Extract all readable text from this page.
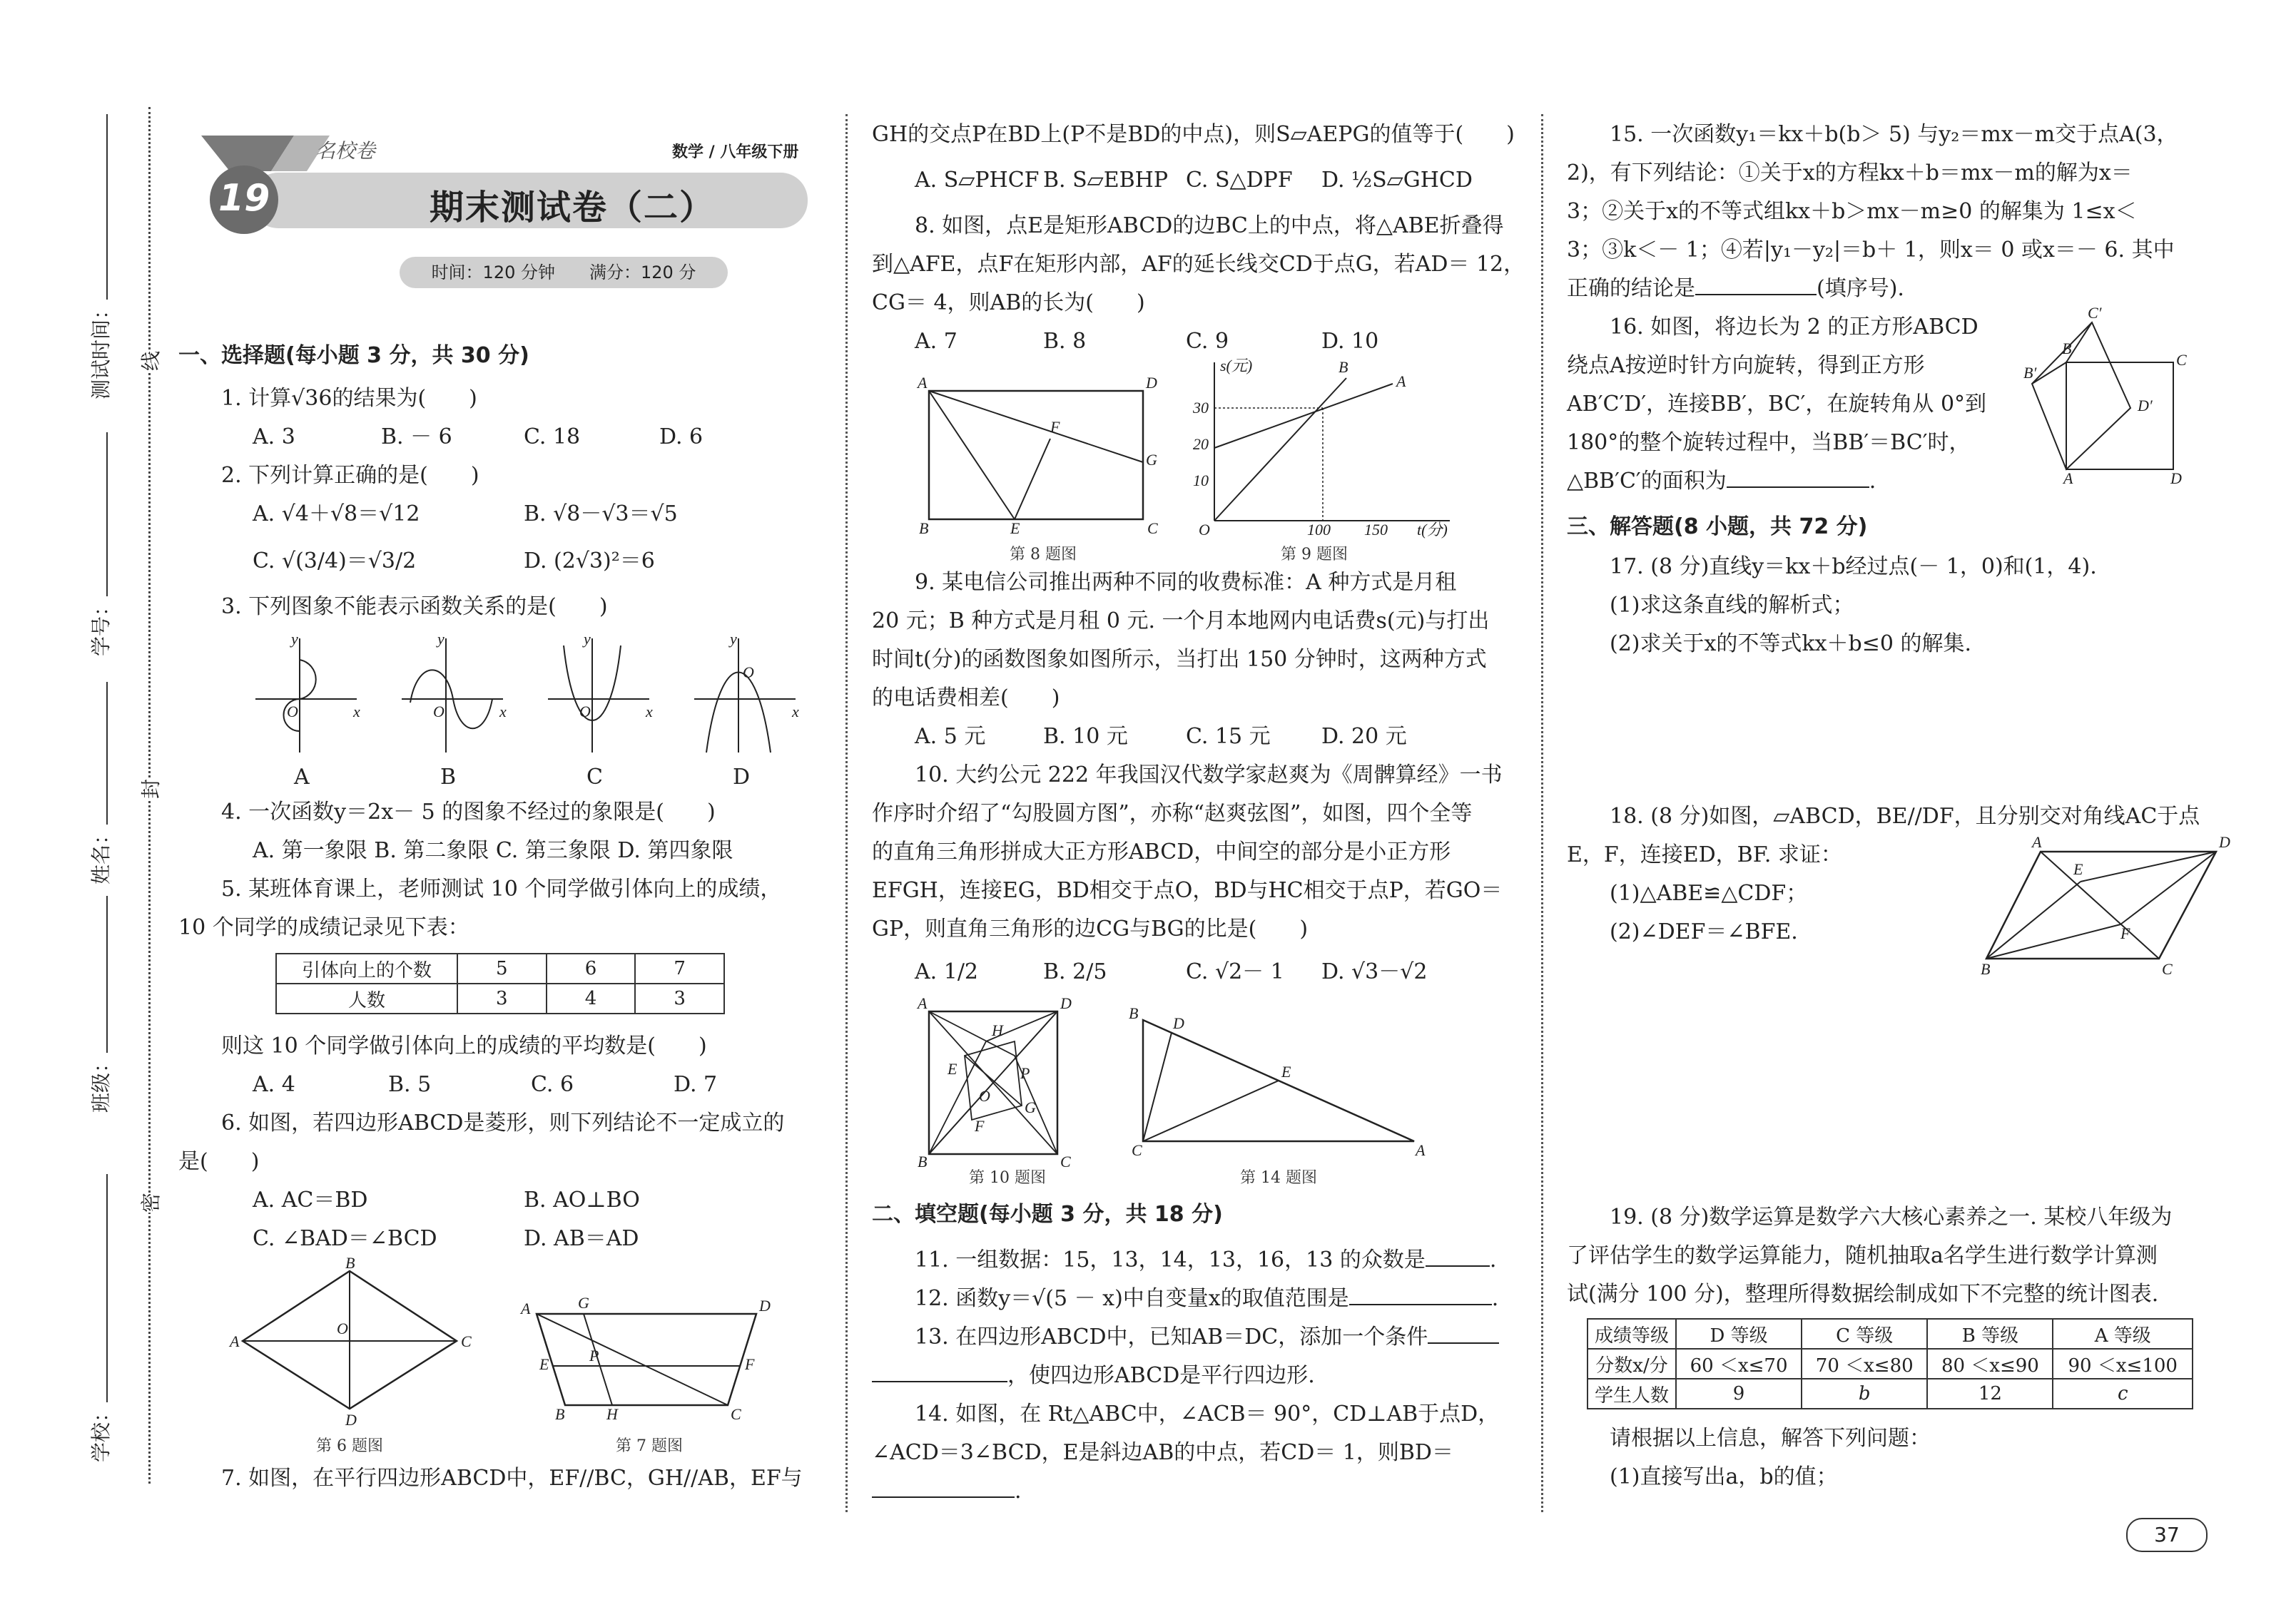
测试时间：
学号：
姓名：
班级：
学校：
线
封
密
19
名校卷	数学 / 八年级下册
期末测试卷（二）
时间：120 分钟　　满分：120 分
一、选择题(每小题 3 分，共 30 分)
1. 计算√36的结果为(　　)
A. 3	B. － 6	C. 18	D. 6
2. 下列计算正确的是(　　)
A. √4＋√8＝√12	B. √8－√3＝√5
C. √(3/4)＝√3/2	D. (2√3)²＝6
3. 下列图象不能表示函数关系的是(　　)
y
x
O
y
x
O
y
x
O
y
x
O
A	B	C	D
4. 一次函数y＝2x－ 5 的图象不经过的象限是(　　)
A. 第一象限 B. 第二象限 C. 第三象限 D. 第四象限
5. 某班体育课上，老师测试 10 个同学做引体向上的成绩，
10 个同学的成绩记录见下表：
引体向上的个数	5	6	7
人数	3	4	3
则这 10 个同学做引体向上的成绩的平均数是(　　)
A. 4	B. 5	C. 6	D. 7
6. 如图，若四边形ABCD是菱形，则下列结论不一定成立的
是(　　)
A. AC＝BD	B. AO⊥BO
C. ∠BAD＝∠BCD	D. AB＝AD
A
B
C
D
O
第 6 题图
A	G	D
E	P	F
B	H	C
第 7 题图
7. 如图，在平行四边形ABCD中，EF//BC，GH//AB，EF与
GH的交点P在BD上(P不是BD的中点)，则S▱AEPG的值等于(　　)
A. S▱PHCF B. S▱EBHP C. S△DPF D. ½S▱GHCD
8. 如图，点E是矩形ABCD的边BC上的中点，将△ABE折叠得
到△AFE，点F在矩形内部，AF的延长线交CD于点G，若AD＝ 12，
CG＝ 4，则AB的长为(　　)
A. 7	B. 8	C. 9	D. 10
A	D
G
F
B	E	C
第 8 题图
O
s(元)
t(分)
10
20
30
100 150
A
B
第 9 题图
9. 某电信公司推出两种不同的收费标准：A 种方式是月租
20 元；B 种方式是月租 0 元. 一个月本地网内电话费s(元)与打出
时间t(分)的函数图象如图所示，当打出 150 分钟时，这两种方式
的电话费相差(　　)
A. 5 元	B. 10 元	C. 15 元 D. 20 元
10. 大约公元 222 年我国汉代数学家赵爽为《周髀算经》一书
作序时介绍了“勾股圆方图”，亦称“赵爽弦图”，如图，四个全等
的直角三角形拼成大正方形ABCD，中间空的部分是小正方形
EFGH，连接EG，BD相交于点O，BD与HC相交于点P，若GO＝
GP，则直角三角形的边CG与BG的比是(　　)
A. 1/2	B. 2/5	C. √2－ 1 D. √3－√2
A	D
H
E	P
O
G
F
B	C
第 10 题图
B
D
E
C	A
第 14 题图
二、填空题(每小题 3 分，共 18 分)
11. 一组数据：15，13，14，13，16，13 的众数是	.
12. 函数y＝√(5 － x)中自变量x的取值范围是	.
13. 在四边形ABCD中，已知AB＝DC，添加一个条件
，使四边形ABCD是平行四边形.
14. 如图，在 Rt△ABC中，∠ACB＝ 90°，CD⊥AB于点D，
∠ACD＝3∠BCD，E是斜边AB的中点，若CD＝ 1，则BD＝
.
15. 一次函数y₁＝kx＋b(b＞ 5) 与y₂＝mx－m交于点A(3，
2)，有下列结论：①关于x的方程kx＋b＝mx－m的解为x＝
3；②关于x的不等式组kx＋b＞mx－m≥0 的解集为 1≤x＜
3；③k＜－ 1；④若|y₁－y₂|＝b＋ 1，则x＝ 0 或x＝－ 6. 其中
正确的结论是	(填序号).
16. 如图，将边长为 2 的正方形ABCD
绕点A按逆时针方向旋转，得到正方形
AB′C′D′，连接BB′，BC′，在旋转角从 0°到
180°的整个旋转过程中，当BB′＝BC′时，
△BB′C′的面积为	.	A	D
B′
B
C′
C
D′
三、解答题(8 小题，共 72 分)
17. (8 分)直线y＝kx＋b经过点(－ 1，0)和(1，4).
(1)求这条直线的解析式；
(2)求关于x的不等式kx＋b≤0 的解集.
18. (8 分)如图，▱ABCD，BE//DF，且分别交对角线AC于点
E，F，连接ED，BF. 求证：
(1)△ABE≌△CDF；
(2)∠DEF＝∠BFE.
A	D
E
F
B	C
19. (8 分)数学运算是数学六大核心素养之一. 某校八年级为
了评估学生的数学运算能力，随机抽取a名学生进行数学计算测
试(满分 100 分)，整理所得数据绘制成如下不完整的统计图表.
成绩等级	D 等级	C 等级	B 等级	A 等级
分数x/分	60 ＜x≤70	70 ＜x≤80	80 ＜x≤90	90 ＜x≤100
学生人数	9	b	12	c
请根据以上信息，解答下列问题：
(1)直接写出a，b的值；
37
